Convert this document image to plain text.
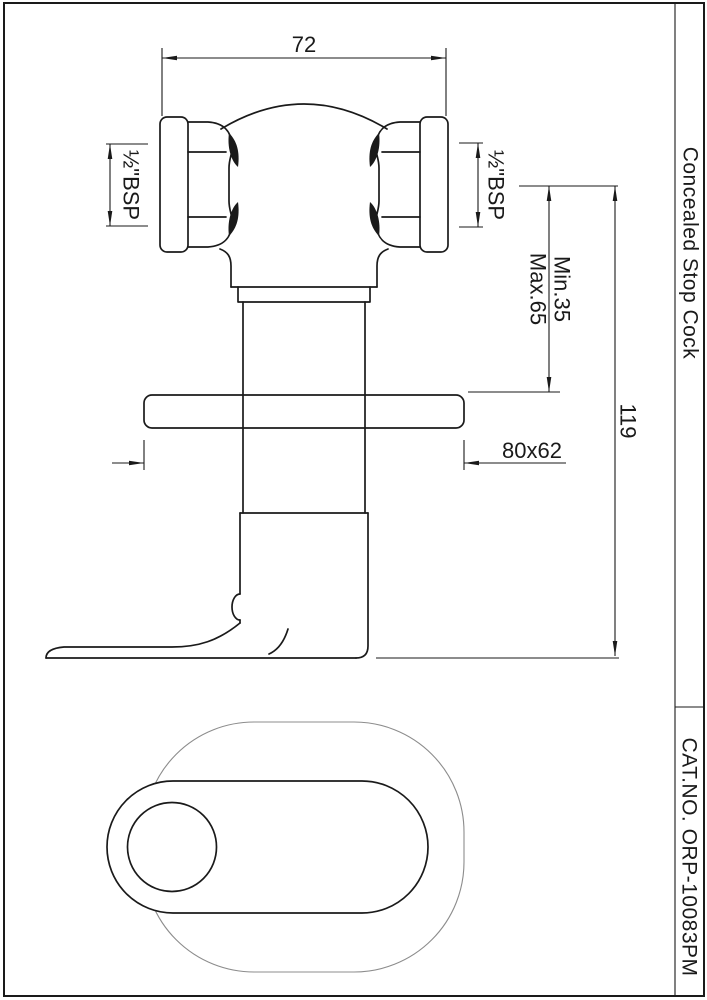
Concealed Stop Cock
CAT.NO. ORP-10083PM
72
½"BSP	½"BSP
Min.35
Max.65
119
80x62
